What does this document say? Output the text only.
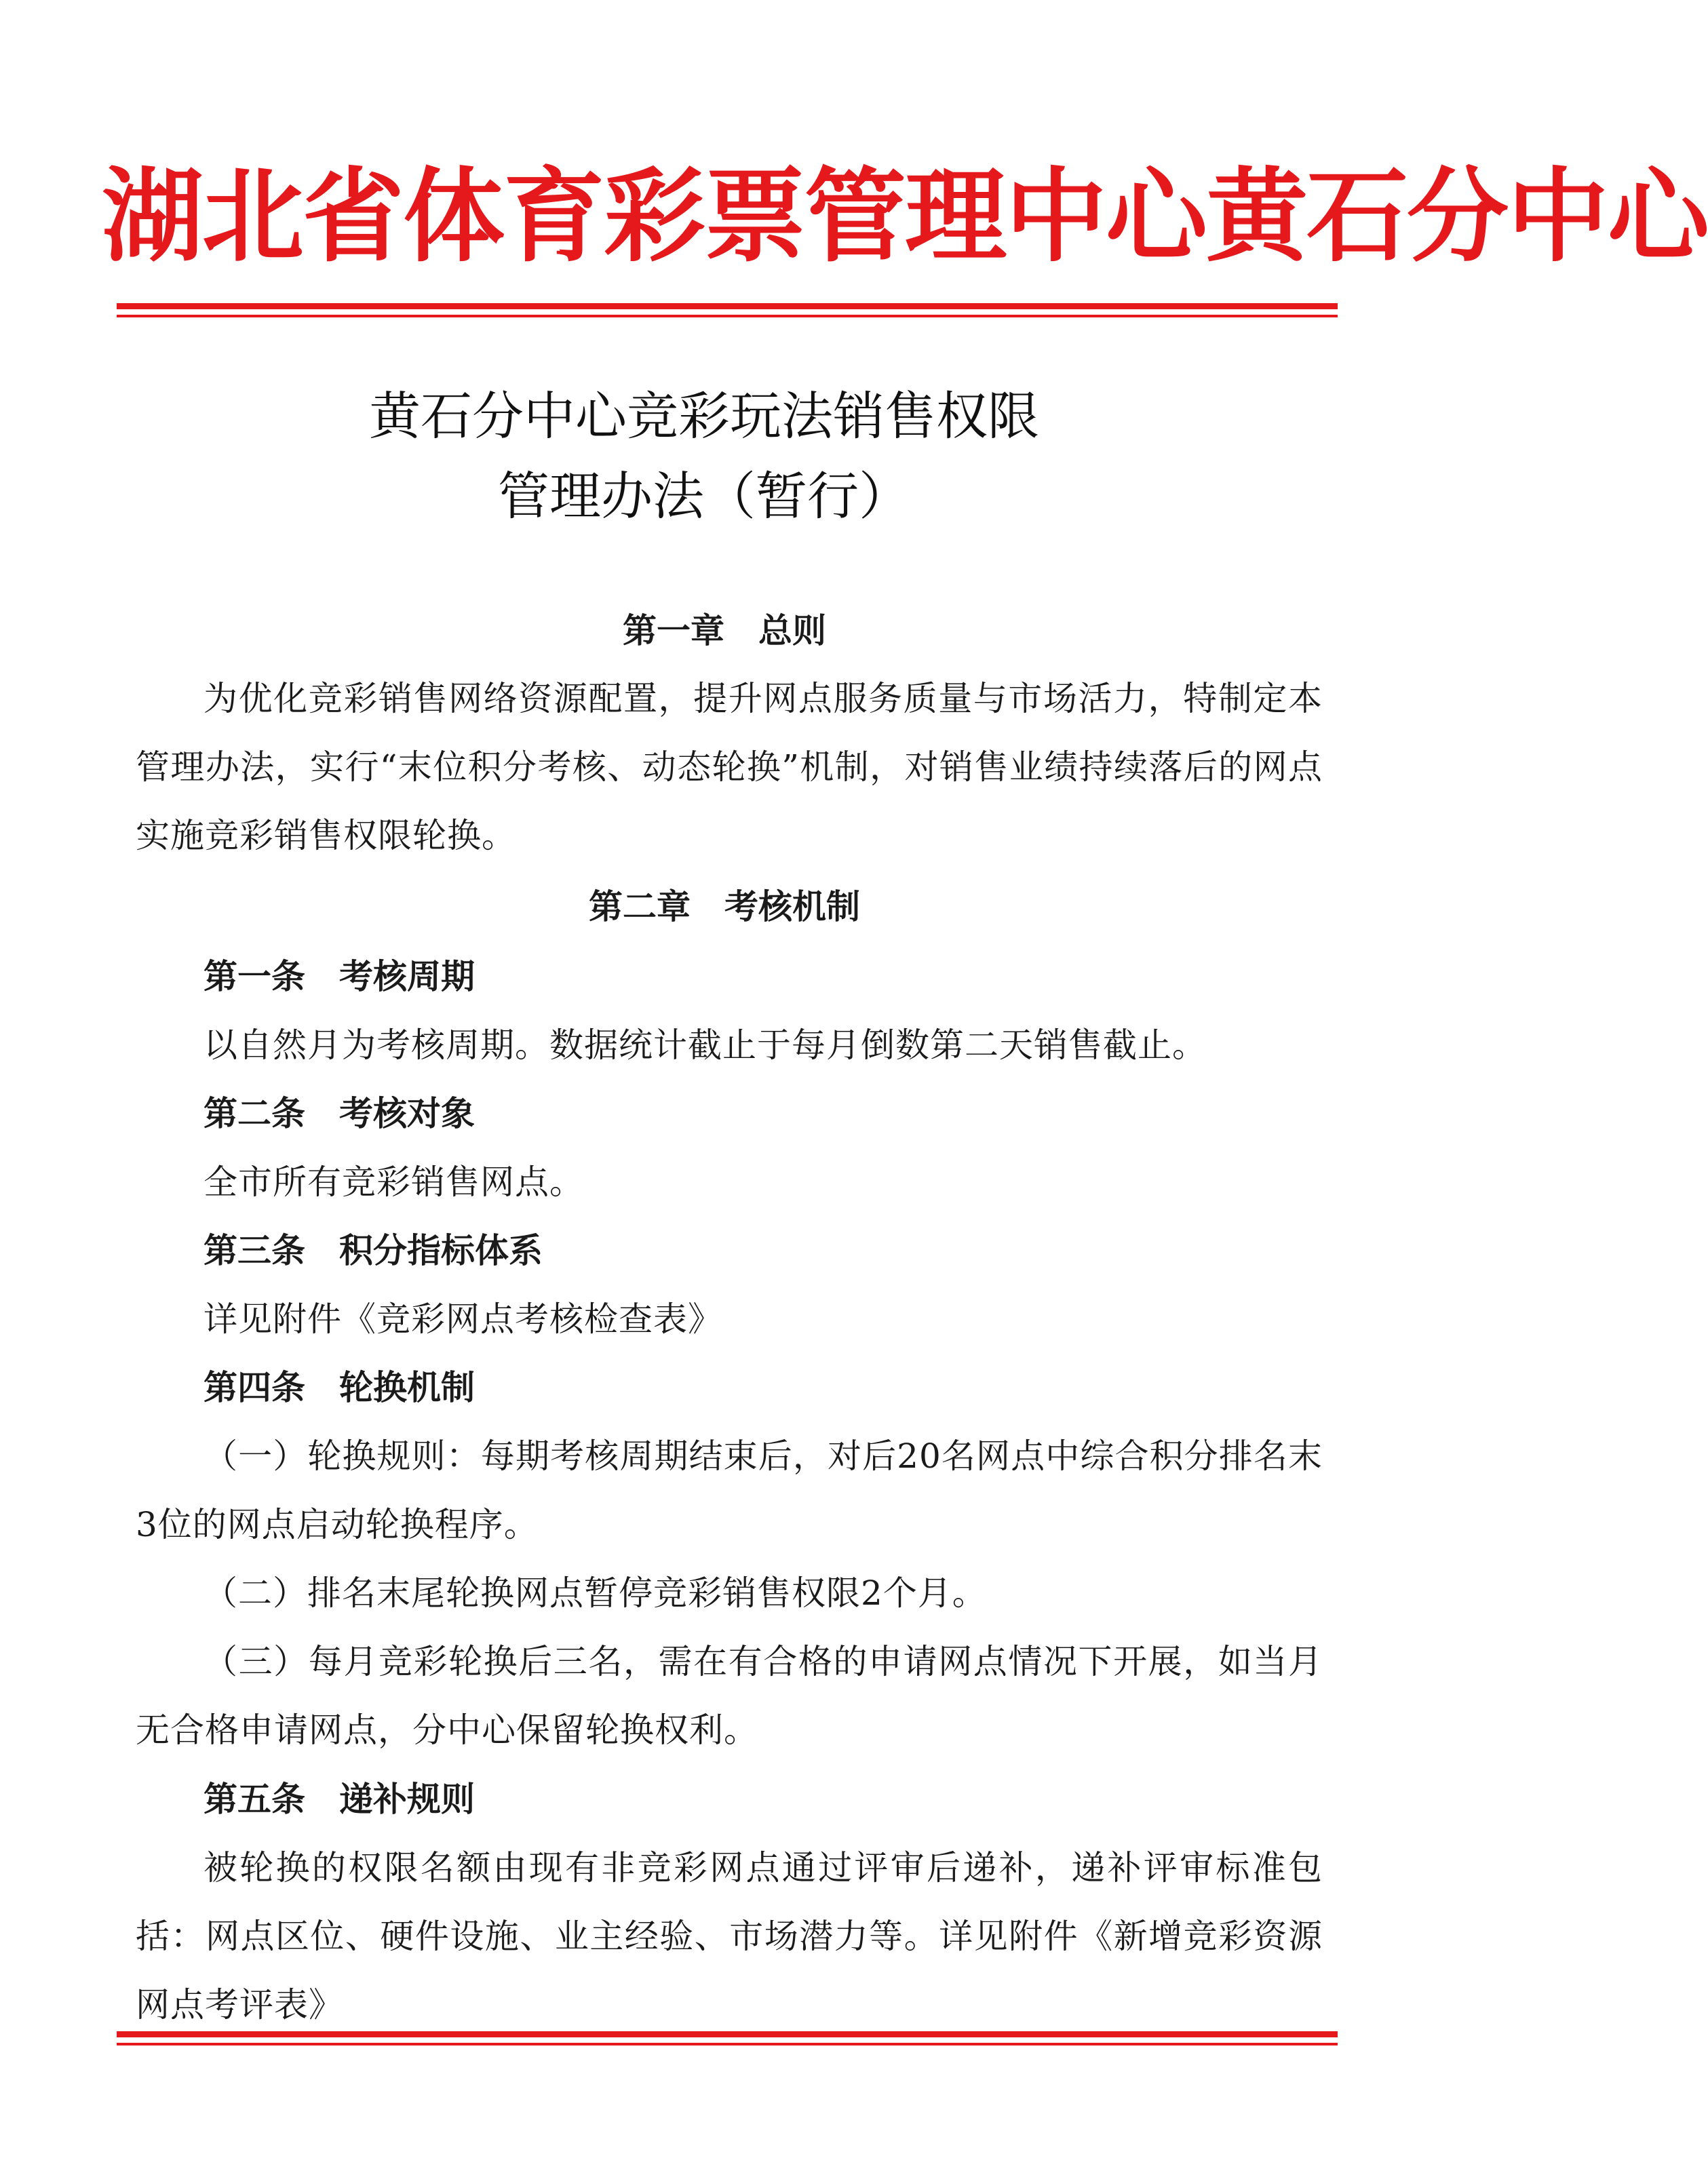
湖北省体育彩票管理中心黄石分中心
黄石分中心竞彩玩法销售权限
管理办法（暂行）
第一章　总则
为优化竞彩销售网络资源配置，提升网点服务质量与市场活力，特制定本管理办法，实行“末位积分考核、动态轮换”机制，对销售业绩持续落后的网点实施竞彩销售权限轮换。
第二章　考核机制
第一条　考核周期
以自然月为考核周期。数据统计截止于每月倒数第二天销售截止。
第二条　考核对象
全市所有竞彩销售网点。
第三条　积分指标体系
详见附件《竞彩网点考核检查表》
第四条　轮换机制
（一）轮换规则：每期考核周期结束后，对后20名网点中综合积分排名末3位的网点启动轮换程序。
（二）排名末尾轮换网点暂停竞彩销售权限2个月。
（三）每月竞彩轮换后三名，需在有合格的申请网点情况下开展，如当月无合格申请网点，分中心保留轮换权利。
第五条　递补规则
被轮换的权限名额由现有非竞彩网点通过评审后递补，递补评审标准包括：网点区位、硬件设施、业主经验、市场潜力等。详见附件《新增竞彩资源网点考评表》
